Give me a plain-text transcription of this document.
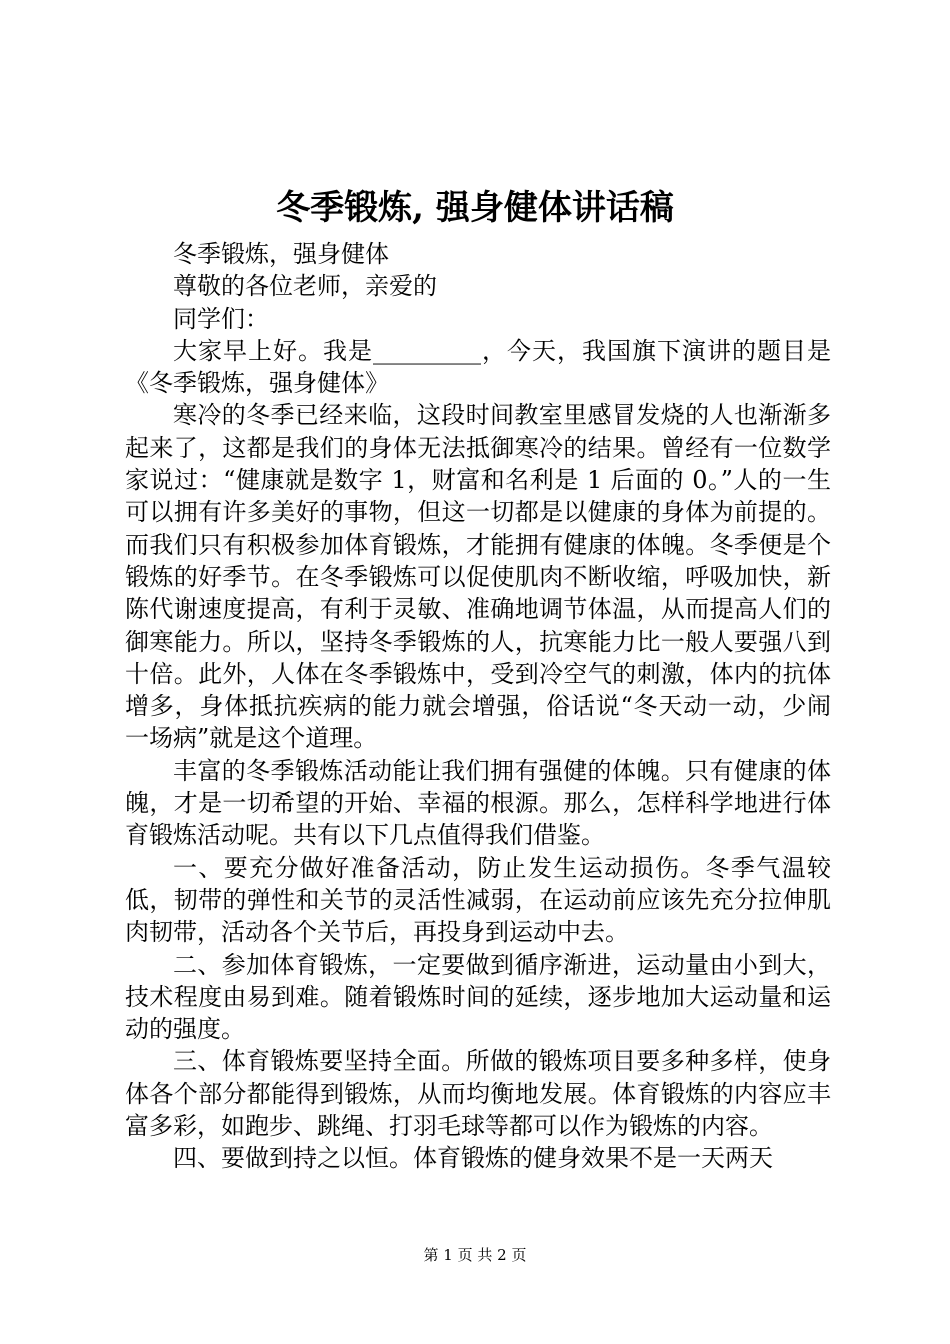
冬季锻炼, 强身健体讲话稿

冬季锻炼，强身健体

尊敬的各位老师，亲爱的

同学们：

大家早上好。我是_________，今天，我国旗下演讲的题目是《冬季锻炼，强身健体》

寒冷的冬季已经来临，这段时间教室里感冒发烧的人也渐渐多起来了，这都是我们的身体无法抵御寒冷的结果。曾经有一位数学家说过：“健康就是数字 1，财富和名利是 1 后面的 0。”人的一生可以拥有许多美好的事物，但这一切都是以健康的身体为前提的。而我们只有积极参加体育锻炼，才能拥有健康的体魄。冬季便是个锻炼的好季节。在冬季锻炼可以促使肌肉不断收缩，呼吸加快，新陈代谢速度提高，有利于灵敏、准确地调节体温，从而提高人们的御寒能力。所以，坚持冬季锻炼的人，抗寒能力比一般人要强八到十倍。此外，人体在冬季锻炼中，受到冷空气的刺激，体内的抗体增多，身体抵抗疾病的能力就会增强，俗话说“冬天动一动，少闹一场病”就是这个道理。

丰富的冬季锻炼活动能让我们拥有强健的体魄。只有健康的体魄，才是一切希望的开始、幸福的根源。那么，怎样科学地进行体育锻炼活动呢。共有以下几点值得我们借鉴。

一、要充分做好准备活动，防止发生运动损伤。冬季气温较低，韧带的弹性和关节的灵活性减弱，在运动前应该先充分拉伸肌肉韧带，活动各个关节后，再投身到运动中去。

二、参加体育锻炼，一定要做到循序渐进，运动量由小到大，技术程度由易到难。随着锻炼时间的延续，逐步地加大运动量和运动的强度。

三、体育锻炼要坚持全面。所做的锻炼项目要多种多样，使身体各个部分都能得到锻炼，从而均衡地发展。体育锻炼的内容应丰富多彩，如跑步、跳绳、打羽毛球等都可以作为锻炼的内容。

四、要做到持之以恒。体育锻炼的健身效果不是一天两天

第 1 页 共 2 页
